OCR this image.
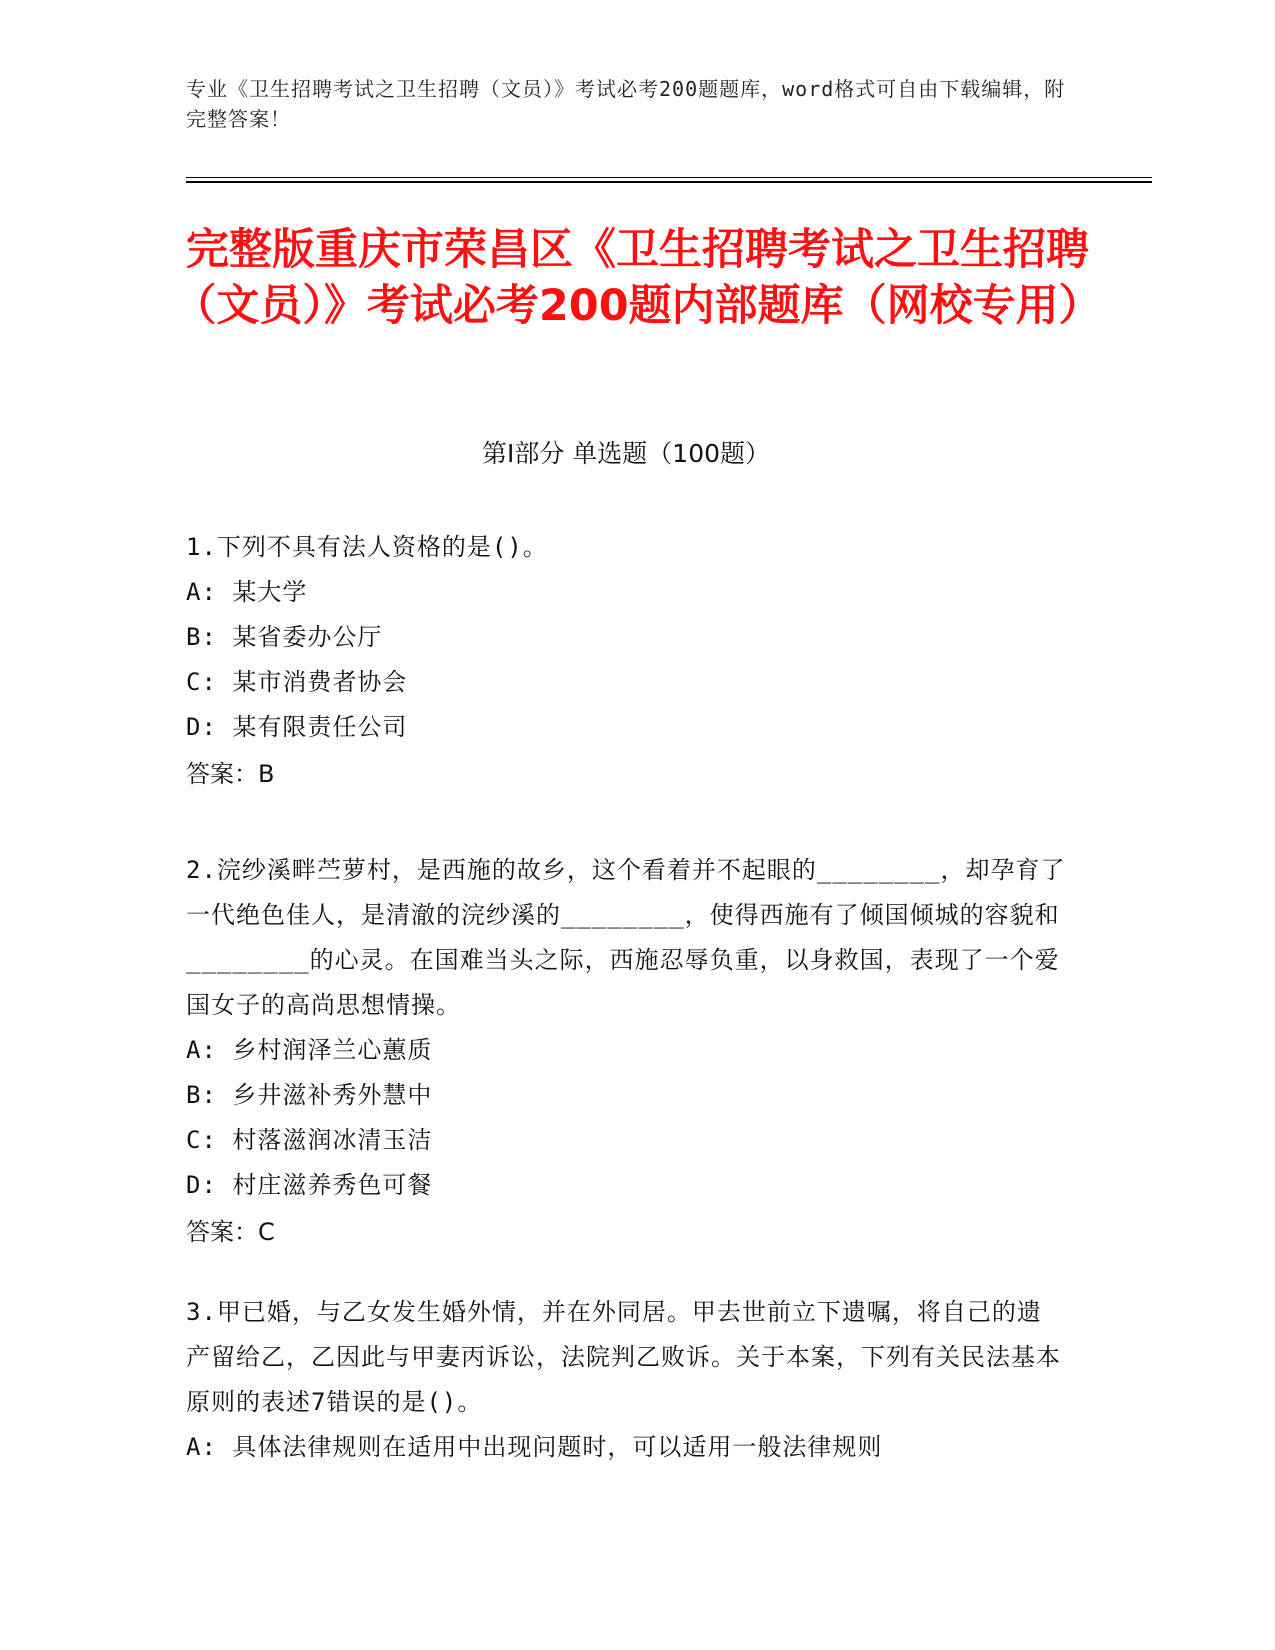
专业《卫生招聘考试之卫生招聘（文员）》考试必考200题题库，word格式可自由下载编辑，附完整答案！
完整版重庆市荣昌区《卫生招聘考试之卫生招聘（文员）》考试必考200题内部题库（网校专用）
第Ⅰ部分 单选题（100题）
1.下列不具有法人资格的是()。
A: 某大学
B: 某省委办公厅
C: 某市消费者协会
D: 某有限责任公司
答案：B
2.浣纱溪畔苎萝村，是西施的故乡，这个看着并不起眼的________，却孕育了一代绝色佳人，是清澈的浣纱溪的________，使得西施有了倾国倾城的容貌和________的心灵。在国难当头之际，西施忍辱负重，以身救国，表现了一个爱国女子的高尚思想情操。
A: 乡村润泽兰心蕙质
B: 乡井滋补秀外慧中
C: 村落滋润冰清玉洁
D: 村庄滋养秀色可餐
答案：C
3.甲已婚，与乙女发生婚外情，并在外同居。甲去世前立下遗嘱，将自己的遗产留给乙，乙因此与甲妻丙诉讼，法院判乙败诉。关于本案，下列有关民法基本原则的表述7错误的是()。
A: 具体法律规则在适用中出现问题时，可以适用一般法律规则
